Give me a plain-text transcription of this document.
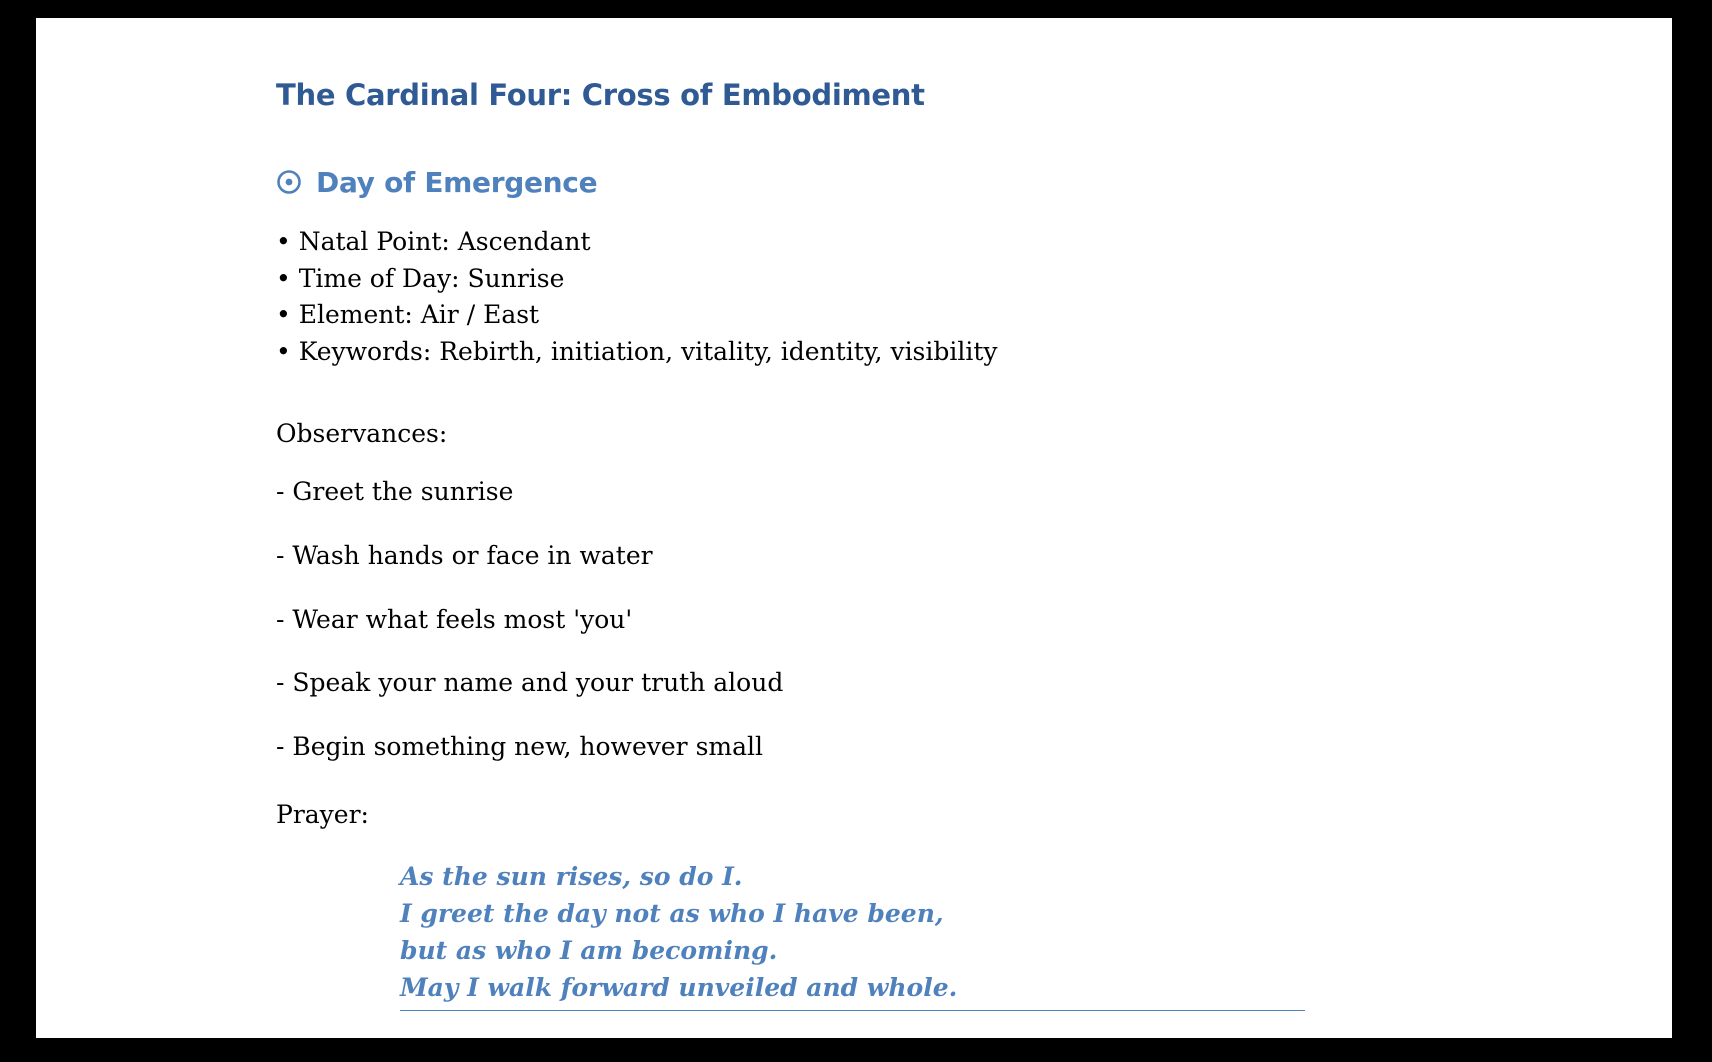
The Cardinal Four: Cross of Embodiment
Day of Emergence
• Natal Point: Ascendant
• Time of Day: Sunrise
• Element: Air / East
• Keywords: Rebirth, initiation, vitality, identity, visibility

Observances:

- Greet the sunrise
- Wash hands or face in water
- Wear what feels most 'you'
- Speak your name and your truth aloud
- Begin something new, however small

Prayer:

As the sun rises, so do I.
I greet the day not as who I have been,
but as who I am becoming.
May I walk forward unveiled and whole.
